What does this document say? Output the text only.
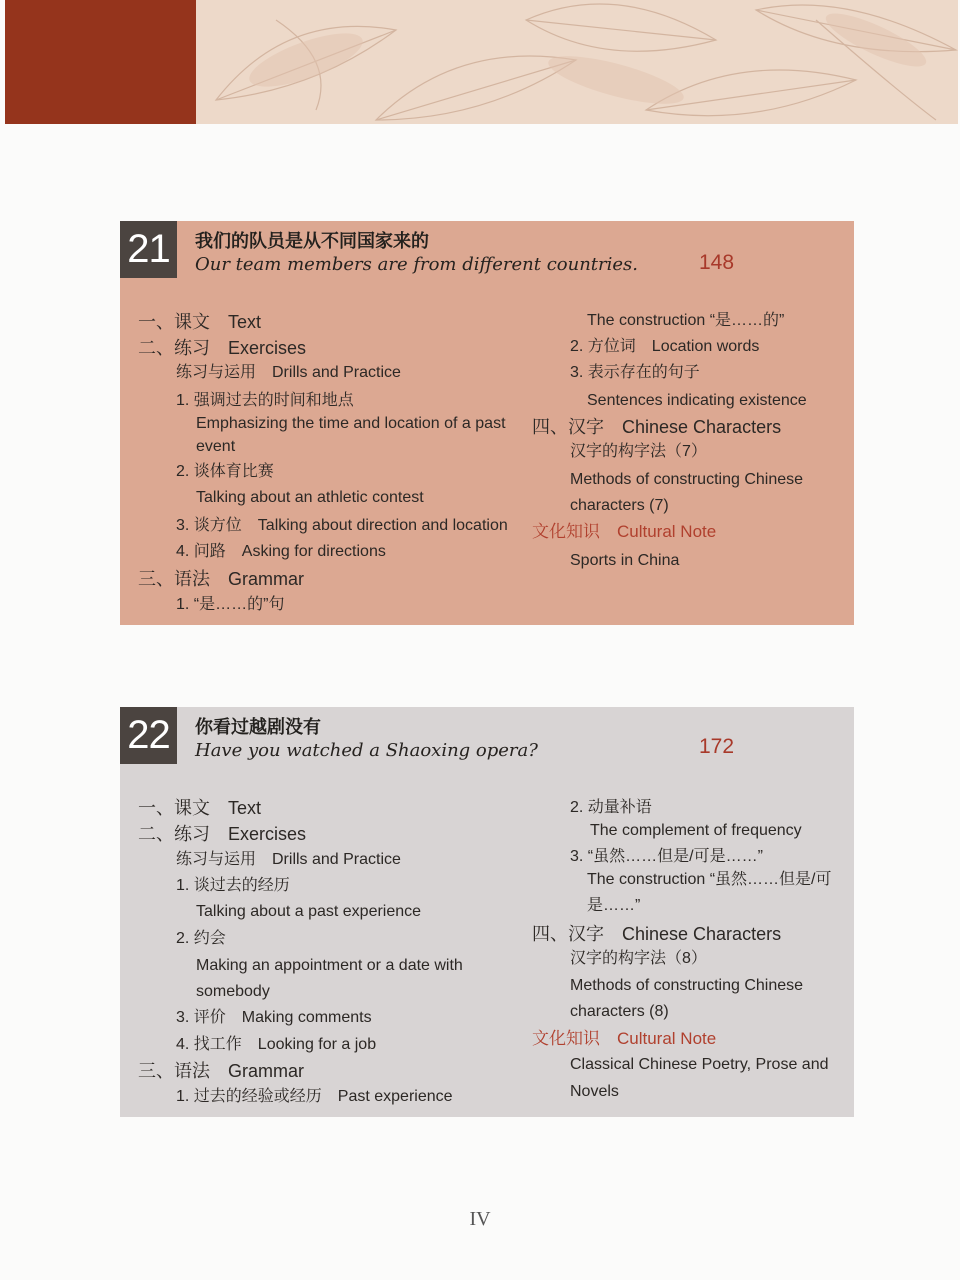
21	我们的队员是从不同国家来的
Our team members are from different countries.	148
一、课文　Text
二、练习　Exercises
练习与运用　Drills and Practice
1. 强调过去的时间和地点
Emphasizing the time and location of a past
event
2. 谈体育比赛
Talking about an athletic contest
3. 谈方位　Talking about direction and location
4. 问路　Asking for directions
三、语法　Grammar
1. “是……的”句
The construction “是……的”
2. 方位词　Location words
3. 表示存在的句子
Sentences indicating existence
四、汉字　Chinese Characters
汉字的构字法（7）
Methods of constructing Chinese
characters (7)
文化知识　Cultural Note
Sports in China
22	你看过越剧没有
Have you watched a Shaoxing opera?	172
一、课文　Text
二、练习　Exercises
练习与运用　Drills and Practice
1. 谈过去的经历
Talking about a past experience
2. 约会
Making an appointment or a date with
somebody
3. 评价　Making comments
4. 找工作　Looking for a job
三、语法　Grammar
1. 过去的经验或经历　Past experience
2. 动量补语
The complement of frequency
3. “虽然……但是/可是……”
The construction “虽然……但是/可
是……”
四、汉字　Chinese Characters
汉字的构字法（8）
Methods of constructing Chinese
characters (8)
文化知识　Cultural Note
Classical Chinese Poetry, Prose and
Novels
IV
